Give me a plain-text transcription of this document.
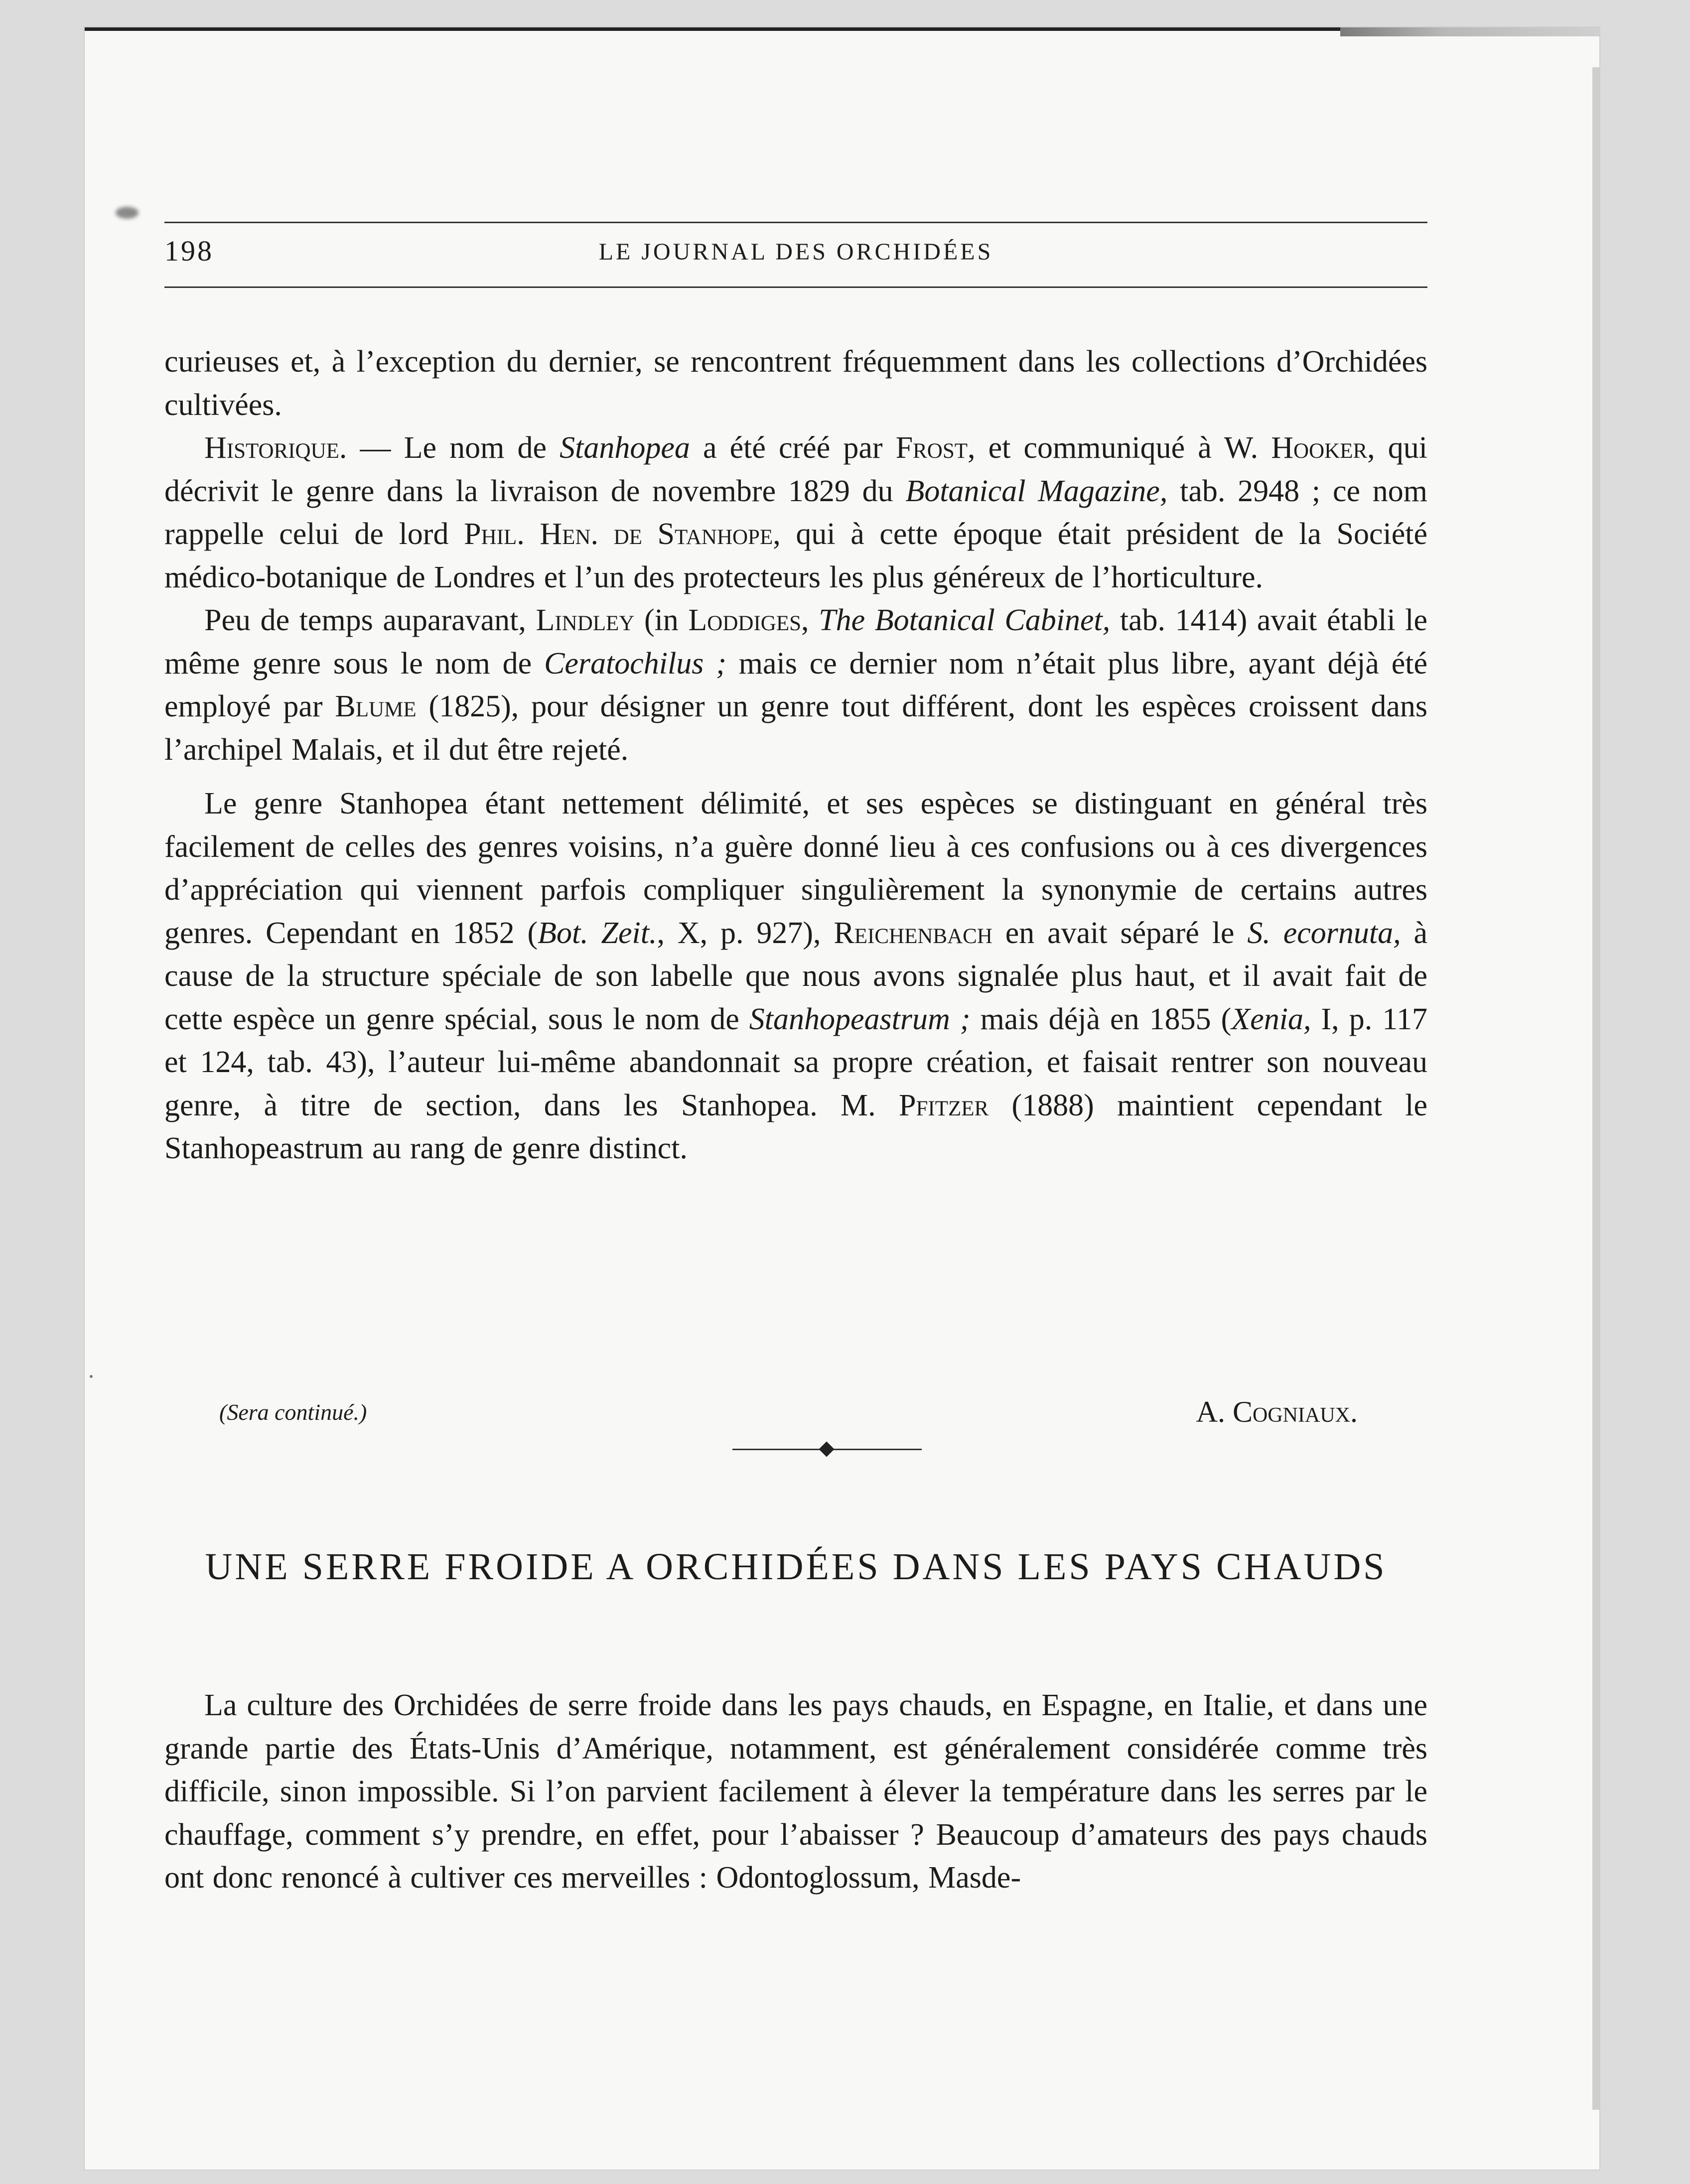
198	LE JOURNAL DES ORCHIDÉES

curieuses et, à l’exception du dernier, se rencontrent fréquemment dans les collections d’Orchidées cultivées.

Historique. — Le nom de Stanhopea a été créé par Frost, et communiqué à W. Hooker, qui décrivit le genre dans la livraison de novembre 1829 du Botanical Magazine, tab. 2948 ; ce nom rappelle celui de lord Phil. Hen. de Stanhope, qui à cette époque était président de la Société médico-botanique de Londres et l’un des protecteurs les plus généreux de l’horticulture.

Peu de temps auparavant, Lindley (in Loddiges, The Botanical Cabinet, tab. 1414) avait établi le même genre sous le nom de Ceratochilus ; mais ce dernier nom n’était plus libre, ayant déjà été employé par Blume (1825), pour désigner un genre tout différent, dont les espèces croissent dans l’archipel Malais, et il dut être rejeté.

Le genre Stanhopea étant nettement délimité, et ses espèces se distinguant en général très facilement de celles des genres voisins, n’a guère donné lieu à ces confusions ou à ces divergences d’appréciation qui viennent parfois compliquer singulièrement la synonymie de certains autres genres. Cependant en 1852 (Bot. Zeit., X, p. 927), Reichenbach en avait séparé le S. ecornuta, à cause de la structure spéciale de son labelle que nous avons signalée plus haut, et il avait fait de cette espèce un genre spécial, sous le nom de Stanhopeastrum ; mais déjà en 1855 (Xenia, I, p. 117 et 124, tab. 43), l’auteur lui-même abandonnait sa propre création, et faisait rentrer son nouveau genre, à titre de section, dans les Stanhopea. M. Pfitzer (1888) maintient cependant le Stanhopeastrum au rang de genre distinct.

(Sera continué.)	A. Cogniaux.
UNE SERRE FROIDE A ORCHIDÉES DANS LES PAYS CHAUDS

La culture des Orchidées de serre froide dans les pays chauds, en Espagne, en Italie, et dans une grande partie des États-Unis d’Amérique, notamment, est généralement considérée comme très difficile, sinon impossible. Si l’on parvient facilement à élever la température dans les serres par le chauffage, comment s’y prendre, en effet, pour l’abaisser ? Beaucoup d’amateurs des pays chauds ont donc renoncé à cultiver ces merveilles : Odontoglossum, Masde-
